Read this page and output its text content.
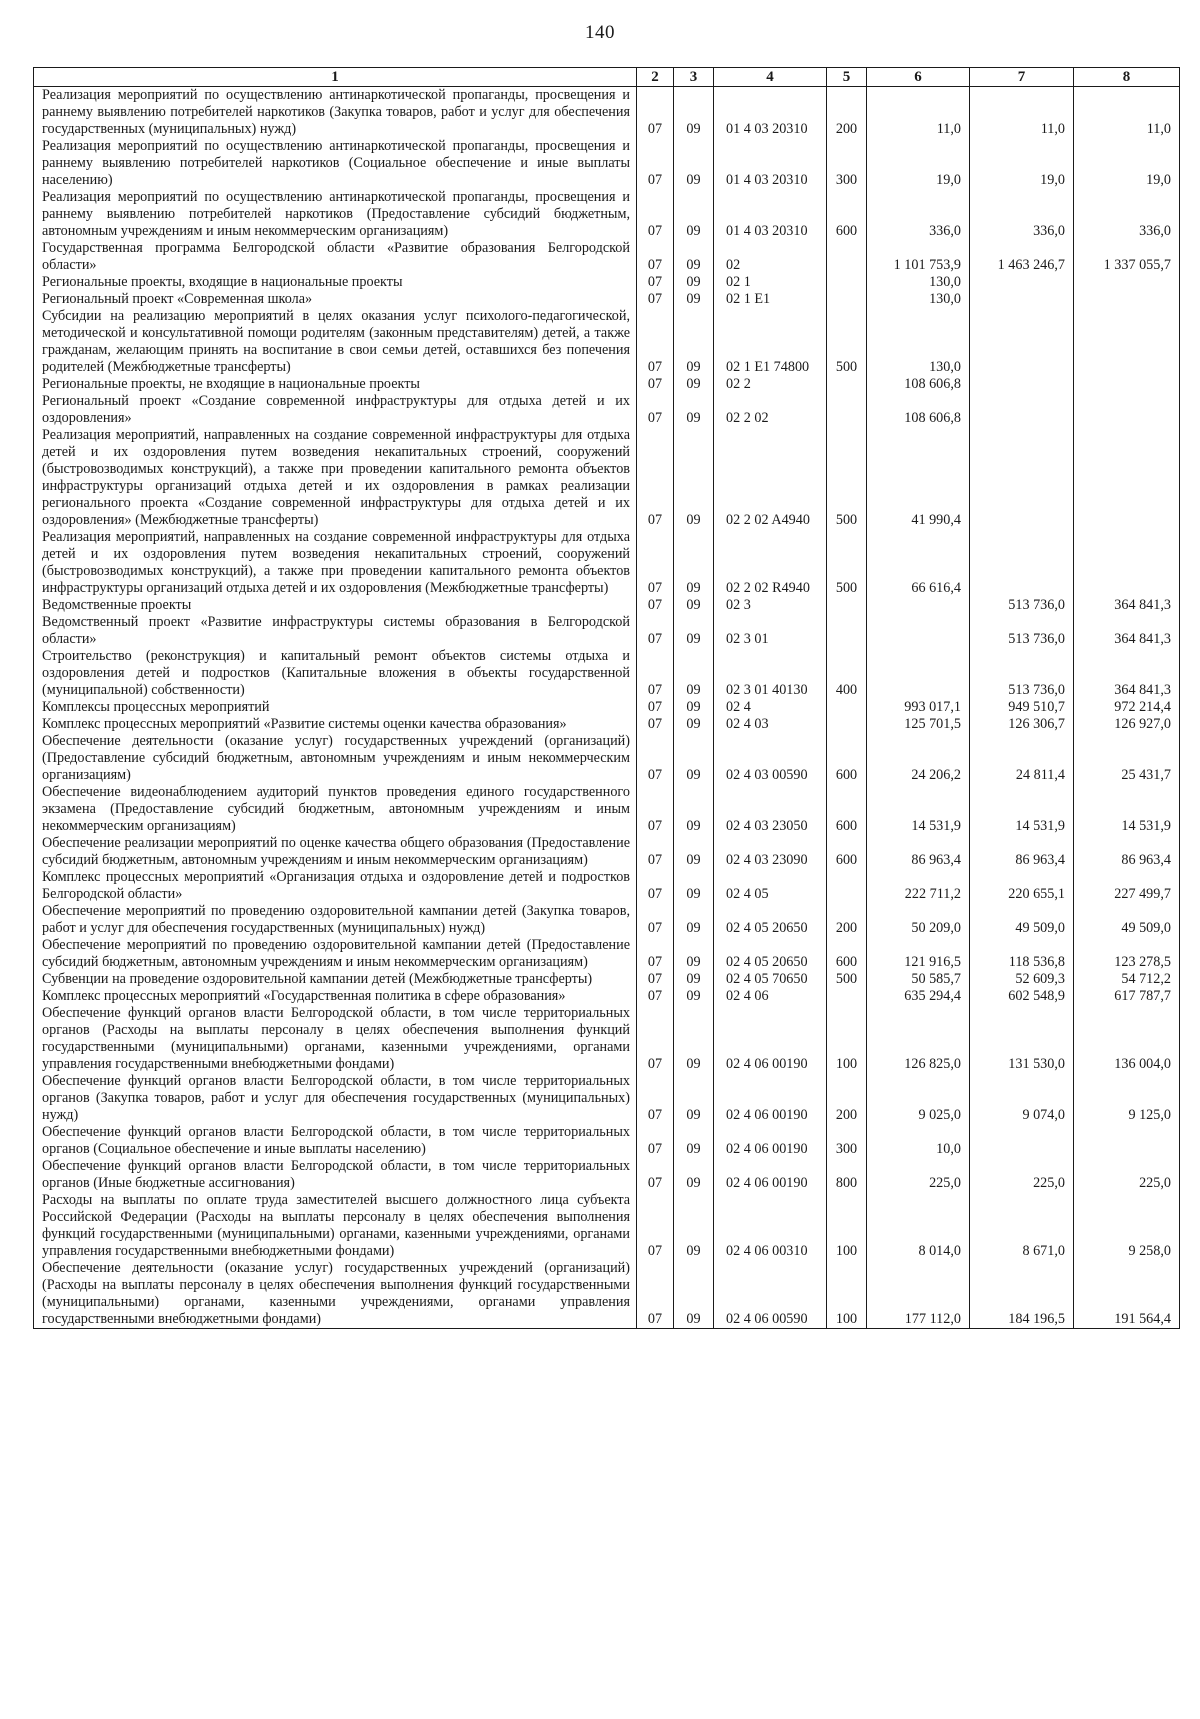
140
1	2	3	4	5	6	7	8
Реализация мероприятий по осуществлению антинаркотической пропаганды, просвещения и раннему выявлению потребителей наркотиков (Закупка товаров, работ и услуг для обеспечения государственных (муниципальных) нужд)	07	09	01 4 03 20310	200	11,0	11,0	11,0
Реализация мероприятий по осуществлению антинаркотической пропаганды, просвещения и раннему выявлению потребителей наркотиков (Социальное обеспечение и иные выплаты населению)	07	09	01 4 03 20310	300	19,0	19,0	19,0
Реализация мероприятий по осуществлению антинаркотической пропаганды, просвещения и раннему выявлению потребителей наркотиков (Предоставление субсидий бюджетным, автономным учреждениям и иным некоммерческим организациям)	07	09	01 4 03 20310	600	336,0	336,0	336,0
Государственная программа Белгородской области «Развитие образования Белгородской области»	07	09	02		1 101 753,9	1 463 246,7	1 337 055,7
Региональные проекты, входящие в национальные проекты	07	09	02 1		130,0		
Региональный проект «Современная школа»	07	09	02 1 E1		130,0		
Субсидии на реализацию мероприятий в целях оказания услуг психолого-педагогической, методической и консультативной помощи родителям (законным представителям) детей, а также гражданам, желающим принять на воспитание в свои семьи детей, оставшихся без попечения родителей (Межбюджетные трансферты)	07	09	02 1 E1 74800	500	130,0		
Региональные проекты, не входящие в национальные проекты	07	09	02 2		108 606,8		
Региональный проект «Создание современной инфраструктуры для отдыха детей и их оздоровления»	07	09	02 2 02		108 606,8		
Реализация мероприятий, направленных на создание современной инфраструктуры для отдыха детей и их оздоровления путем возведения некапитальных строений, сооружений (быстровозводимых конструкций), а также при проведении капитального ремонта объектов инфраструктуры организаций отдыха детей и их оздоровления в рамках реализации регионального проекта «Создание современной инфраструктуры для отдыха детей и их оздоровления» (Межбюджетные трансферты)	07	09	02 2 02 A4940	500	41 990,4		
Реализация мероприятий, направленных на создание современной инфраструктуры для отдыха детей и их оздоровления путем возведения некапитальных строений, сооружений (быстровозводимых конструкций), а также при проведении капитального ремонта объектов инфраструктуры организаций отдыха детей и их оздоровления (Межбюджетные трансферты)	07	09	02 2 02 R4940	500	66 616,4		
Ведомственные проекты	07	09	02 3			513 736,0	364 841,3
Ведомственный проект «Развитие инфраструктуры системы образования в Белгородской области»	07	09	02 3 01			513 736,0	364 841,3
Строительство (реконструкция) и капитальный ремонт объектов системы отдыха и оздоровления детей и подростков (Капитальные вложения в объекты государственной (муниципальной) собственности)	07	09	02 3 01 40130	400		513 736,0	364 841,3
Комплексы процессных мероприятий	07	09	02 4		993 017,1	949 510,7	972 214,4
Комплекс процессных мероприятий «Развитие системы оценки качества образования»	07	09	02 4 03		125 701,5	126 306,7	126 927,0
Обеспечение деятельности (оказание услуг) государственных учреждений (организаций) (Предоставление субсидий бюджетным, автономным учреждениям и иным некоммерческим организациям)	07	09	02 4 03 00590	600	24 206,2	24 811,4	25 431,7
Обеспечение видеонаблюдением аудиторий пунктов проведения единого государственного экзамена (Предоставление субсидий бюджетным, автономным учреждениям и иным некоммерческим организациям)	07	09	02 4 03 23050	600	14 531,9	14 531,9	14 531,9
Обеспечение реализации мероприятий по оценке качества общего образования (Предоставление субсидий бюджетным, автономным учреждениям и иным некоммерческим организациям)	07	09	02 4 03 23090	600	86 963,4	86 963,4	86 963,4
Комплекс процессных мероприятий «Организация отдыха и оздоровление детей и подростков Белгородской области»	07	09	02 4 05		222 711,2	220 655,1	227 499,7
Обеспечение мероприятий по проведению оздоровительной кампании детей (Закупка товаров, работ и услуг для обеспечения государственных (муниципальных) нужд)	07	09	02 4 05 20650	200	50 209,0	49 509,0	49 509,0
Обеспечение мероприятий по проведению оздоровительной кампании детей (Предоставление субсидий бюджетным, автономным учреждениям и иным некоммерческим организациям)	07	09	02 4 05 20650	600	121 916,5	118 536,8	123 278,5
Субвенции на проведение оздоровительной кампании детей (Межбюджетные трансферты)	07	09	02 4 05 70650	500	50 585,7	52 609,3	54 712,2
Комплекс процессных мероприятий «Государственная политика в сфере образования»	07	09	02 4 06		635 294,4	602 548,9	617 787,7
Обеспечение функций органов власти Белгородской области, в том числе территориальных органов (Расходы на выплаты персоналу в целях обеспечения выполнения функций государственными (муниципальными) органами, казенными учреждениями, органами управления государственными внебюджетными фондами)	07	09	02 4 06 00190	100	126 825,0	131 530,0	136 004,0
Обеспечение функций органов власти Белгородской области, в том числе территориальных органов (Закупка товаров, работ и услуг для обеспечения государственных (муниципальных) нужд)	07	09	02 4 06 00190	200	9 025,0	9 074,0	9 125,0
Обеспечение функций органов власти Белгородской области, в том числе территориальных органов (Социальное обеспечение и иные выплаты населению)	07	09	02 4 06 00190	300	10,0		
Обеспечение функций органов власти Белгородской области, в том числе территориальных органов (Иные бюджетные ассигнования)	07	09	02 4 06 00190	800	225,0	225,0	225,0
Расходы на выплаты по оплате труда заместителей высшего должностного лица субъекта Российской Федерации (Расходы на выплаты персоналу в целях обеспечения выполнения функций государственными (муниципальными) органами, казенными учреждениями, органами управления государственными внебюджетными фондами)	07	09	02 4 06 00310	100	8 014,0	8 671,0	9 258,0
Обеспечение деятельности (оказание услуг) государственных учреждений (организаций) (Расходы на выплаты персоналу в целях обеспечения выполнения функций государственными (муниципальными) органами, казенными учреждениями, органами управления государственными внебюджетными фондами)	07	09	02 4 06 00590	100	177 112,0	184 196,5	191 564,4
